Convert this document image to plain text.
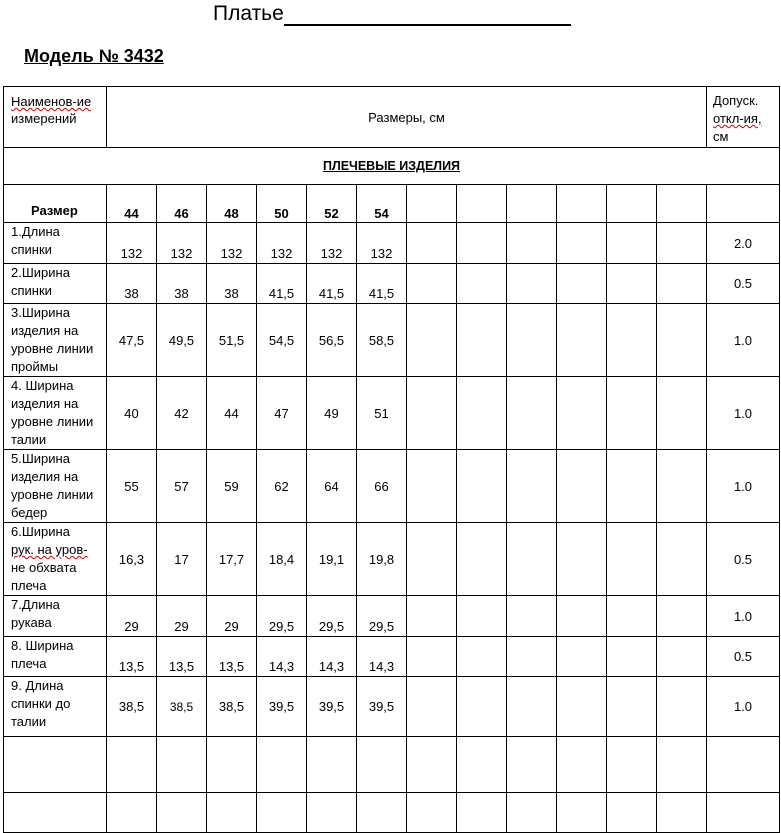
Платье
Модель № 3432
Наименов-ие
измерений	Размеры, см												Допуск.
откл-ия,
см
ПЛЕЧЕВЫЕ ИЗДЕЛИЯ													
Размер	44	46	48	50	52	54							
1.Длина
спинки	132	132	132	132	132	132							2.0
2.Ширина
спинки	38	38	38	41,5	41,5	41,5							0.5
3.Ширина
изделия на
уровне линии
проймы	47,5	49,5	51,5	54,5	56,5	58,5							1.0
4. Ширина
изделия на
уровне линии
талии	40	42	44	47	49	51							1.0
5.Ширина
изделия на
уровне линии
бедер	55	57	59	62	64	66							1.0
6.Ширина
рук. на уров-
не обхвата
плеча	16,3	17	17,7	18,4	19,1	19,8							0.5
7.Длина
рукава	29	29	29	29,5	29,5	29,5							1.0
8. Ширина
плеча	13,5	13,5	13,5	14,3	14,3	14,3							0.5
9. Длина
спинки до
талии	38,5	38,5	38,5	39,5	39,5	39,5							1.0
